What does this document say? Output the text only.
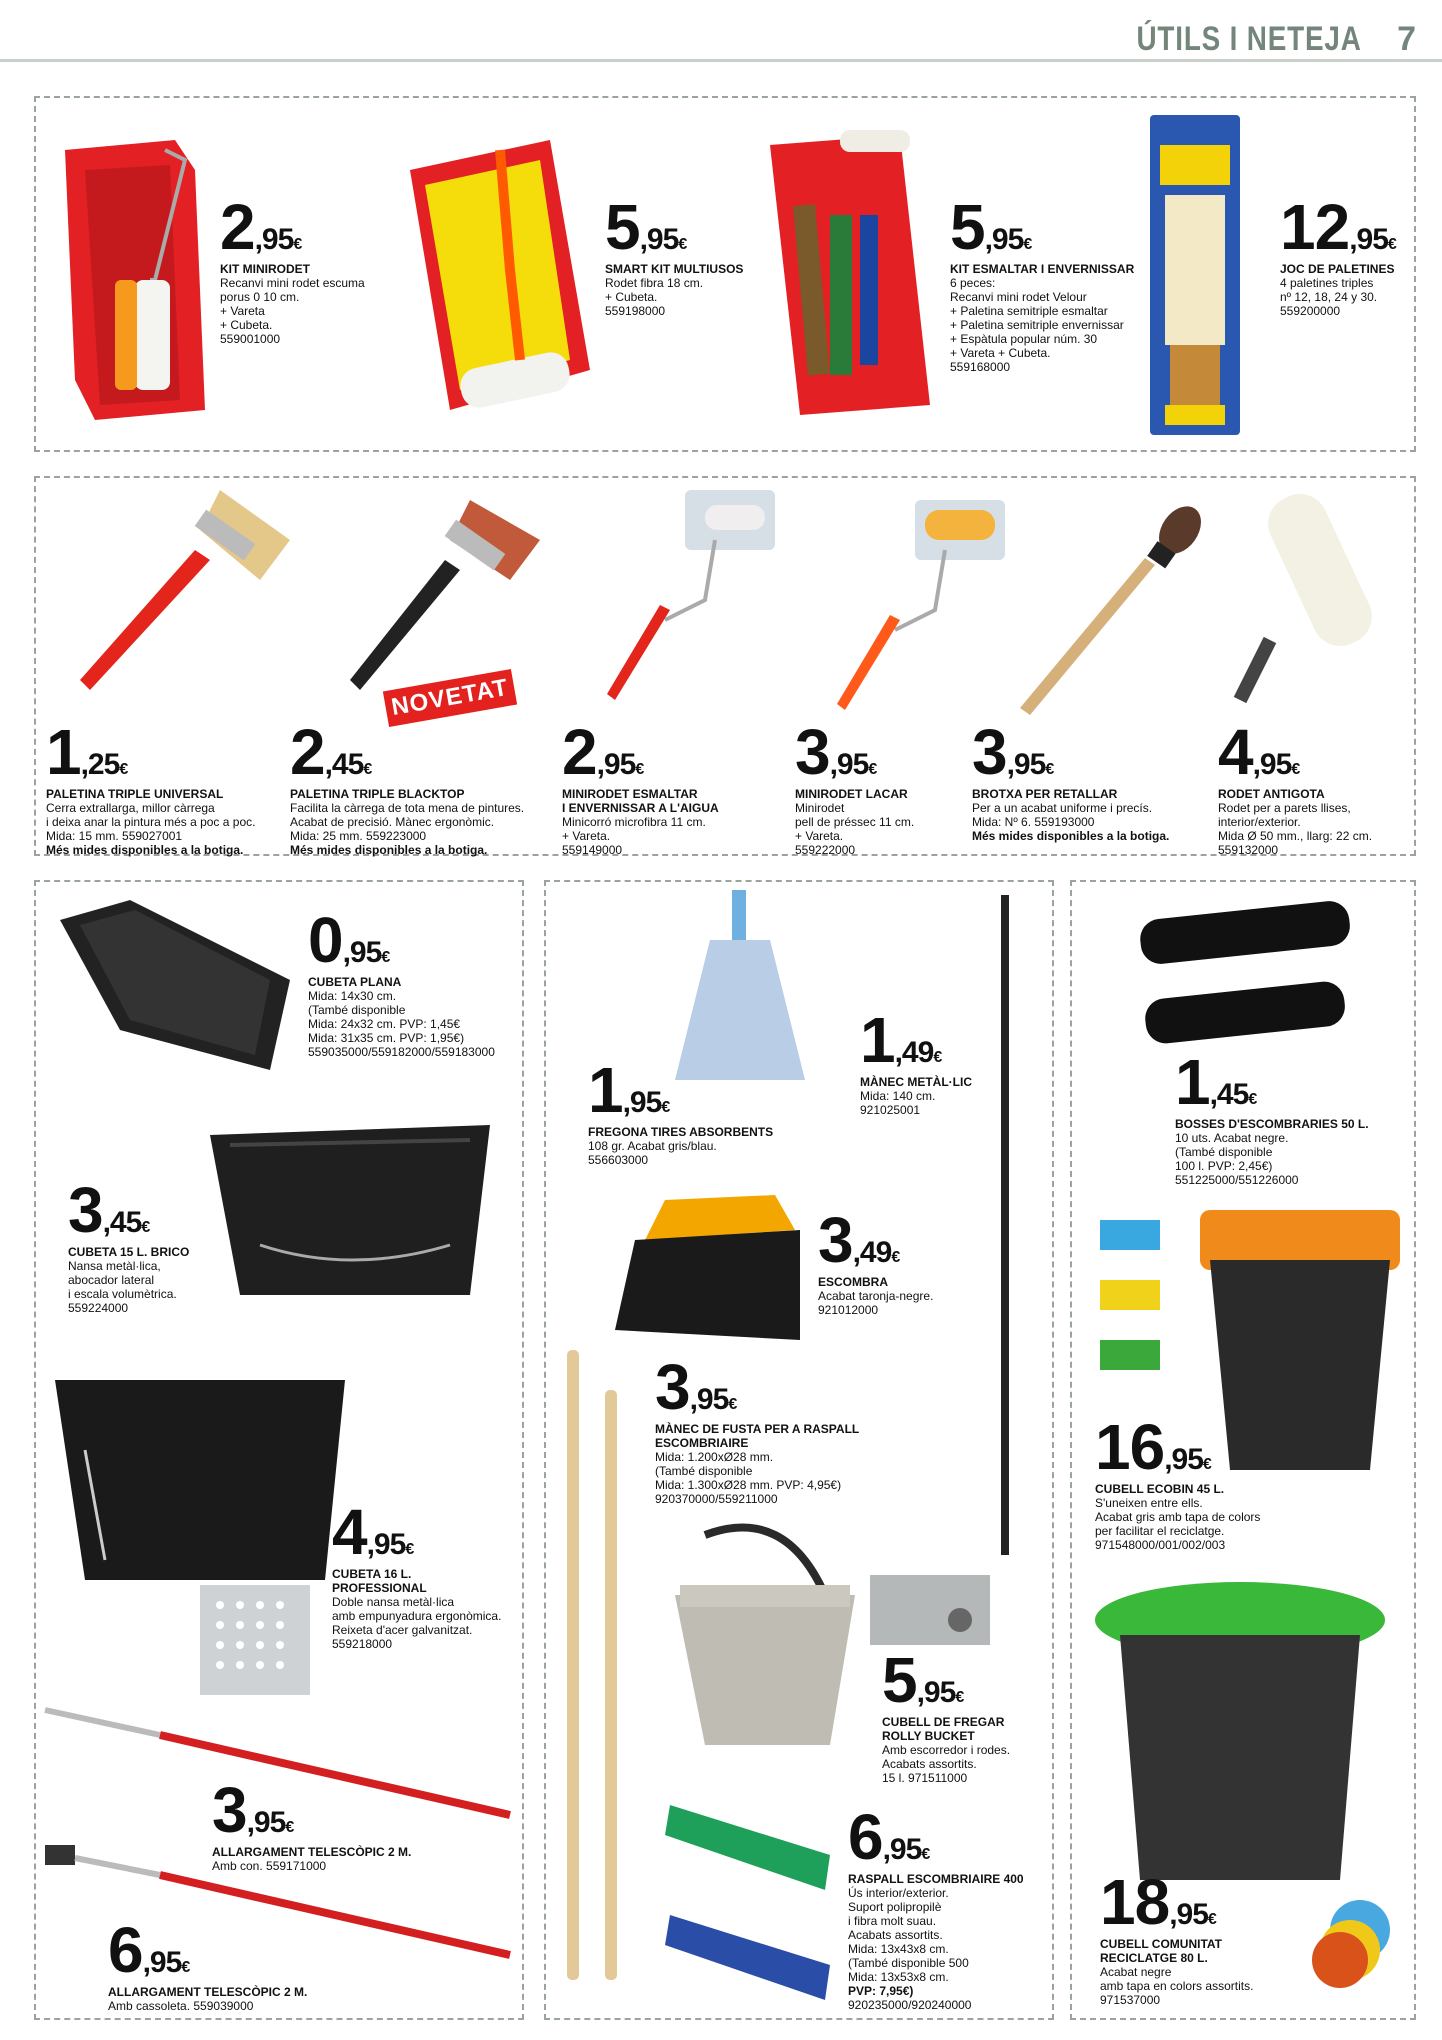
ÚTILS I NETEJA 7
NOVETAT
2,95€
KIT MINIRODET
Recanvi mini rodet escuma
porus 0 10 cm.
+ Vareta
+ Cubeta.
559001000
5,95€
SMART KIT MULTIUSOS
Rodet fibra 18 cm.
+ Cubeta.
559198000
5,95€
KIT ESMALTAR I ENVERNISSAR
6 peces:
Recanvi mini rodet Velour
+ Paletina semitriple esmaltar
+ Paletina semitriple envernissar
+ Espàtula popular núm. 30
+ Vareta + Cubeta.
559168000
12,95€
JOC DE PALETINES
4 paletines triples
nº 12, 18, 24 y 30.
559200000
1,25€
PALETINA TRIPLE UNIVERSAL
Cerra extrallarga, millor càrrega
i deixa anar la pintura més a poc a poc.
Mida: 15 mm. 559027001
Més mides disponibles a la botiga.
2,45€
PALETINA TRIPLE BLACKTOP
Facilita la càrrega de tota mena de pintures.
Acabat de precisió. Mànec ergonòmic.
Mida: 25 mm. 559223000
Més mides disponibles a la botiga.
2,95€
MINIRODET ESMALTAR
I ENVERNISSAR A L'AIGUA
Minicorró microfibra 11 cm.
+ Vareta.
559149000
3,95€
MINIRODET LACAR
Minirodet
pell de préssec 11 cm.
+ Vareta.
559222000
3,95€
BROTXA PER RETALLAR
Per a un acabat uniforme i precís.
Mida: Nº 6. 559193000
Més mides disponibles a la botiga.
4,95€
RODET ANTIGOTA
Rodet per a parets llises,
interior/exterior.
Mida Ø 50 mm., llarg: 22 cm.
559132000
0,95€
CUBETA PLANA
Mida: 14x30 cm.
(També disponible
Mida: 24x32 cm. PVP: 1,45€
Mida: 31x35 cm. PVP: 1,95€)
559035000/559182000/559183000
3,45€
CUBETA 15 L. BRICO
Nansa metàl·lica,
abocador lateral
i escala volumètrica.
559224000
4,95€
CUBETA 16 L.
PROFESSIONAL
Doble nansa metàl·lica
amb empunyadura ergonòmica.
Reixeta d'acer galvanitzat.
559218000
3,95€
ALLARGAMENT TELESCÒPIC 2 M.
Amb con. 559171000
6,95€
ALLARGAMENT TELESCÒPIC 2 M.
Amb cassoleta. 559039000
1,95€
FREGONA TIRES ABSORBENTS
108 gr. Acabat gris/blau.
556603000
1,49€
MÀNEC METÀL·LIC
Mida: 140 cm.
921025001
3,49€
ESCOMBRA
Acabat taronja-negre.
921012000
3,95€
MÀNEC DE FUSTA PER A RASPALL
ESCOMBRIAIRE
Mida: 1.200xØ28 mm.
(També disponible
Mida: 1.300xØ28 mm. PVP: 4,95€)
920370000/559211000
5,95€
CUBELL DE FREGAR
ROLLY BUCKET
Amb escorredor i rodes.
Acabats assortits.
15 l. 971511000
6,95€
RASPALL ESCOMBRIAIRE 400
Ús interior/exterior.
Suport polipropilè
i fibra molt suau.
Acabats assortits.
Mida: 13x43x8 cm.
(També disponible 500
Mida: 13x53x8 cm.
PVP: 7,95€)
920235000/920240000
1,45€
BOSSES D'ESCOMBRARIES 50 L.
10 uts. Acabat negre.
(També disponible
100 l. PVP: 2,45€)
551225000/551226000
16,95€
CUBELL ECOBIN 45 L.
S'uneixen entre ells.
Acabat gris amb tapa de colors
per facilitar el reciclatge.
971548000/001/002/003
18,95€
CUBELL COMUNITAT
RECICLATGE 80 L.
Acabat negre
amb tapa en colors assortits.
971537000
